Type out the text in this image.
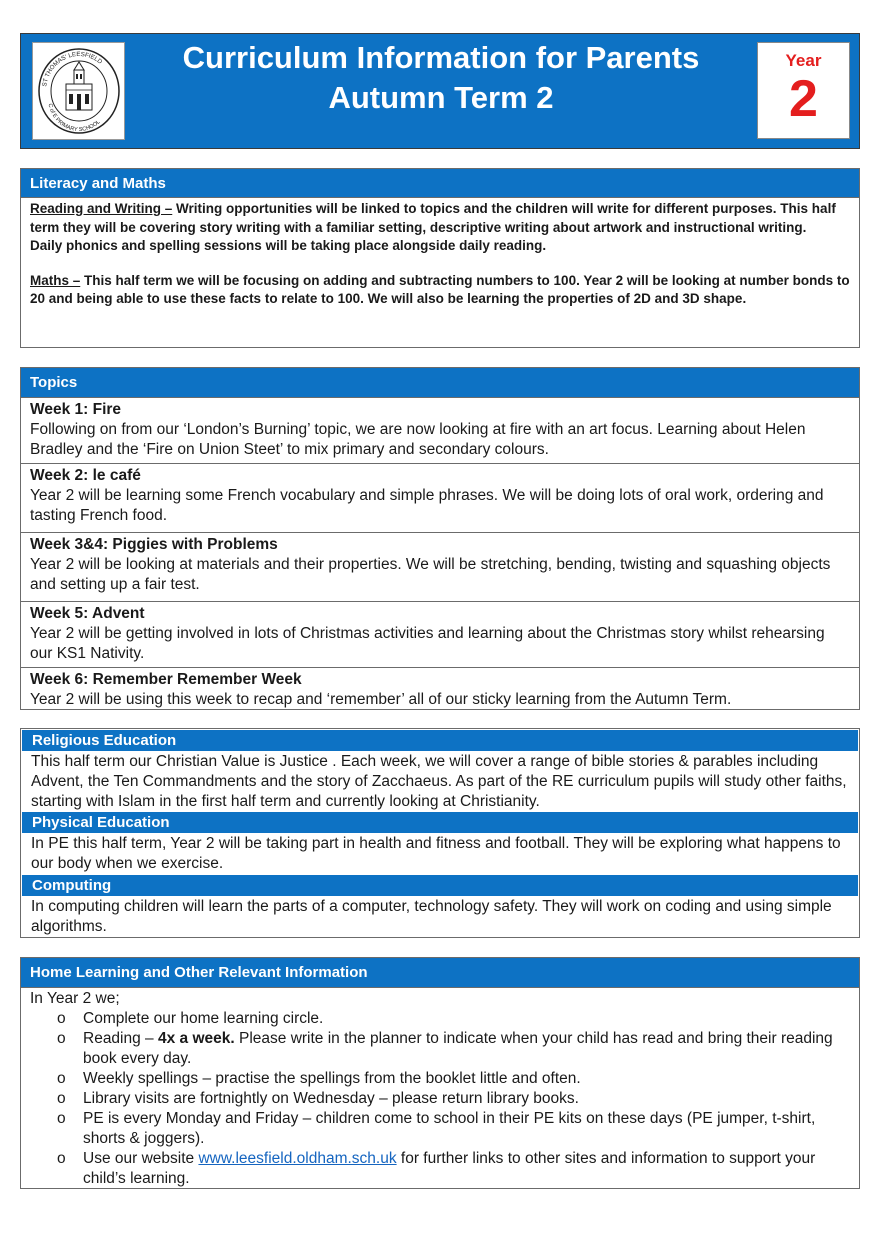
ST THOMAS' LEESFIELD
C of E PRIMARY SCHOOL
Curriculum Information for Parents
Autumn Term 2
Year
2
Literacy and Maths
Reading and Writing – Writing opportunities will be linked to topics and the children will write for different purposes. This half term they will be covering story writing with a familiar setting, descriptive writing about artwork and instructional writing.
Daily phonics and spelling sessions will be taking place alongside daily reading.
Maths – This half term we will be focusing on adding and subtracting numbers to 100. Year 2 will be looking at number bonds to 20 and being able to use these facts to relate to 100. We will also be learning the properties of 2D and 3D shape.
Topics
Week 1: Fire
Following on from our ‘London’s Burning’ topic, we are now looking at fire with an art focus. Learning about Helen Bradley and the ‘Fire on Union Steet’ to mix primary and secondary colours.
Week 2: le café
Year 2 will be learning some French vocabulary and simple phrases. We will be doing lots of oral work, ordering and tasting French food.
Week 3&4: Piggies with Problems
Year 2 will be looking at materials and their properties. We will be stretching, bending, twisting and squashing objects and setting up a fair test.
Week 5: Advent
Year 2 will be getting involved in lots of Christmas activities and learning about the Christmas story whilst rehearsing our KS1 Nativity.
Week 6: Remember Remember Week
Year 2 will be using this week to recap and ‘remember’ all of our sticky learning from the Autumn Term.
Religious Education
This half term our Christian Value is Justice . Each week, we will cover a range of bible stories & parables including Advent, the Ten Commandments and the story of Zacchaeus. As part of the RE curriculum pupils will study other faiths, starting with Islam in the first half term and currently looking at Christianity.
Physical Education
In PE this half term, Year 2 will be taking part in health and fitness and football. They will be exploring what happens to our body when we exercise.
Computing
In computing children will learn the parts of a computer, technology safety. They will work on coding and using simple algorithms.
Home Learning and Other Relevant Information
In Year 2 we;
o Complete our home learning circle.
o Reading – 4x a week. Please write in the planner to indicate when your child has read and bring their reading book every day.
o Weekly spellings – practise the spellings from the booklet little and often.
o Library visits are fortnightly on Wednesday – please return library books.
o PE is every Monday and Friday – children come to school in their PE kits on these days (PE jumper, t-shirt, shorts & joggers).
o Use our website www.leesfield.oldham.sch.uk for further links to other sites and information to support your child’s learning.
